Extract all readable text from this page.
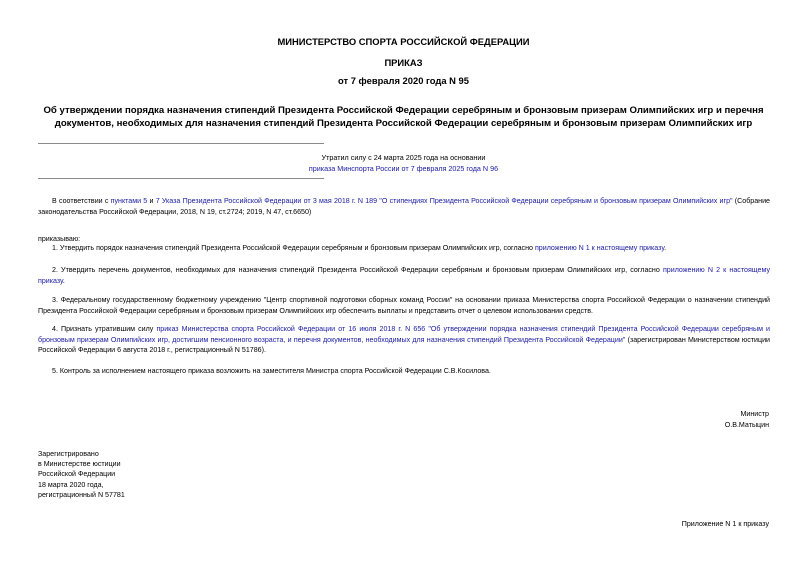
МИНИСТЕРСТВО СПОРТА РОССИЙСКОЙ ФЕДЕРАЦИИ
ПРИКАЗ
от 7 февраля 2020 года N 95
Об утверждении порядка назначения стипендий Президента Российской Федерации серебряным и бронзовым призерам Олимпийских игр и перечня документов, необходимых для назначения стипендий Президента Российской Федерации серебряным и бронзовым призерам Олимпийских игр
Утратил силу с 24 марта 2025 года на основании
приказа Минспорта России от 7 февраля 2025 года N 96
В соответствии с пунктами 5 и 7 Указа Президента Российской Федерации от 3 мая 2018 г. N 189 "О стипендиях Президента Российской Федерации серебряным и бронзовым призерам Олимпийских игр" (Собрание законодательства Российской Федерации, 2018, N 19, ст.2724; 2019, N 47, ст.6650)
приказываю:
1. Утвердить порядок назначения стипендий Президента Российской Федерации серебряным и бронзовым призерам Олимпийских игр, согласно приложению N 1 к настоящему приказу.
2. Утвердить перечень документов, необходимых для назначения стипендий Президента Российской Федерации серебряным и бронзовым призерам Олимпийских игр, согласно приложению N 2 к настоящему приказу.
3. Федеральному государственному бюджетному учреждению "Центр спортивной подготовки сборных команд России" на основании приказа Министерства спорта Российской Федерации о назначении стипендий Президента Российской Федерации серебряным и бронзовым призерам Олимпийских игр обеспечить выплаты и представить отчет о целевом использовании средств.
4. Признать утратившим силу приказ Министерства спорта Российской Федерации от 16 июля 2018 г. N 656 "Об утверждении порядка назначения стипендий Президента Российской Федерации серебряным и бронзовым призерам Олимпийских игр, достигшим пенсионного возраста, и перечня документов, необходимых для назначения стипендий Президента Российской Федерации" (зарегистрирован Министерством юстиции Российской Федерации 6 августа 2018 г., регистрационный N 51786).
5. Контроль за исполнением настоящего приказа возложить на заместителя Министра спорта Российской Федерации С.В.Косилова.
Министр
О.В.Матыцин
Зарегистрировано
в Министерстве юстиции
Российской Федерации
18 марта 2020 года,
регистрационный N 57781
Приложение N 1 к приказу
